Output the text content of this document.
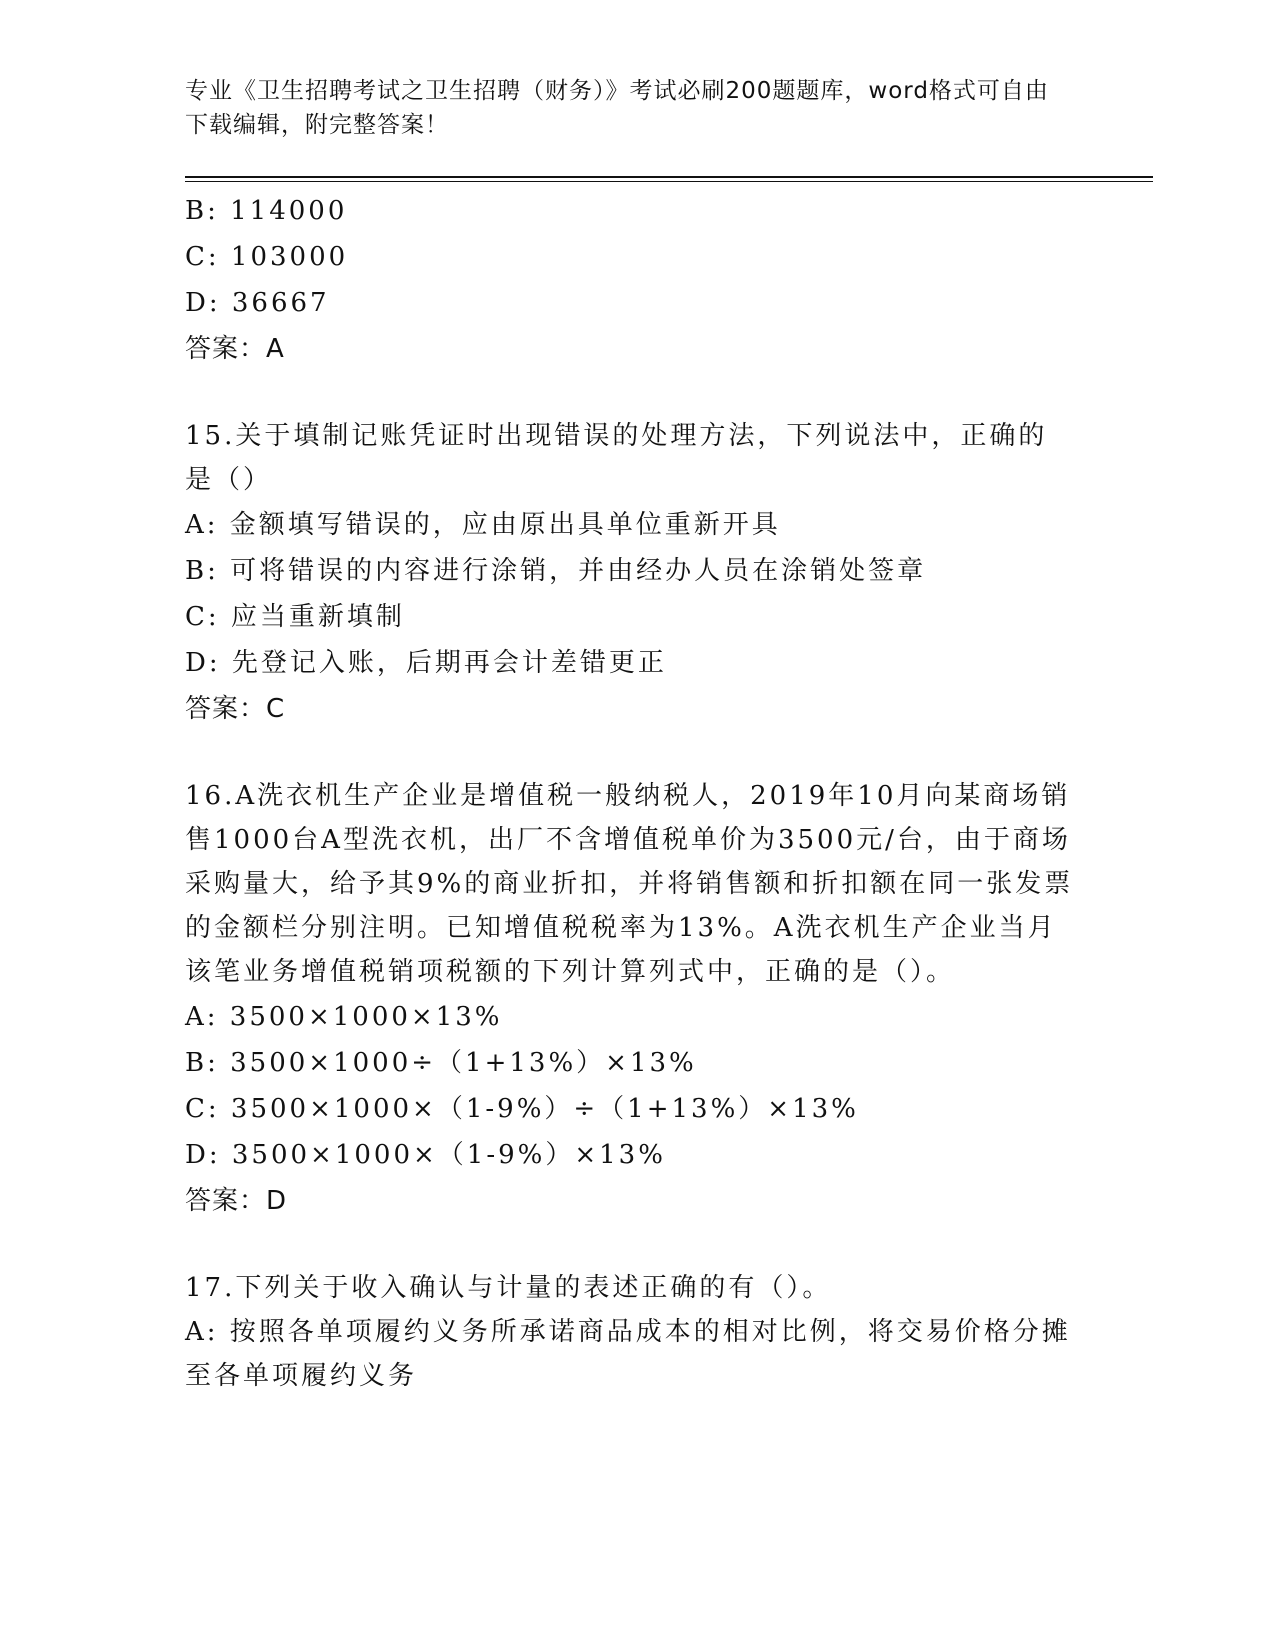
专业《卫生招聘考试之卫生招聘（财务）》考试必刷200题题库，word格式可自由下载编辑，附完整答案！
B: 114000
C: 103000
D: 36667
答案：A
15.关于填制记账凭证时出现错误的处理方法，下列说法中，正确的是（）
A: 金额填写错误的，应由原出具单位重新开具
B: 可将错误的内容进行涂销，并由经办人员在涂销处签章
C: 应当重新填制
D: 先登记入账，后期再会计差错更正
答案：C
16.A洗衣机生产企业是增值税一般纳税人，2019年10月向某商场销售1000台A型洗衣机，出厂不含增值税单价为3500元/台，由于商场采购量大，给予其9%的商业折扣，并将销售额和折扣额在同一张发票的金额栏分别注明。已知增值税税率为13%。A洗衣机生产企业当月该笔业务增值税销项税额的下列计算列式中，正确的是（）。
A: 3500×1000×13%
B: 3500×1000÷（1+13%）×13%
C: 3500×1000×（1-9%）÷（1+13%）×13%
D: 3500×1000×（1-9%）×13%
答案：D
17.下列关于收入确认与计量的表述正确的有（）。
A: 按照各单项履约义务所承诺商品成本的相对比例，将交易价格分摊至各单项履约义务
